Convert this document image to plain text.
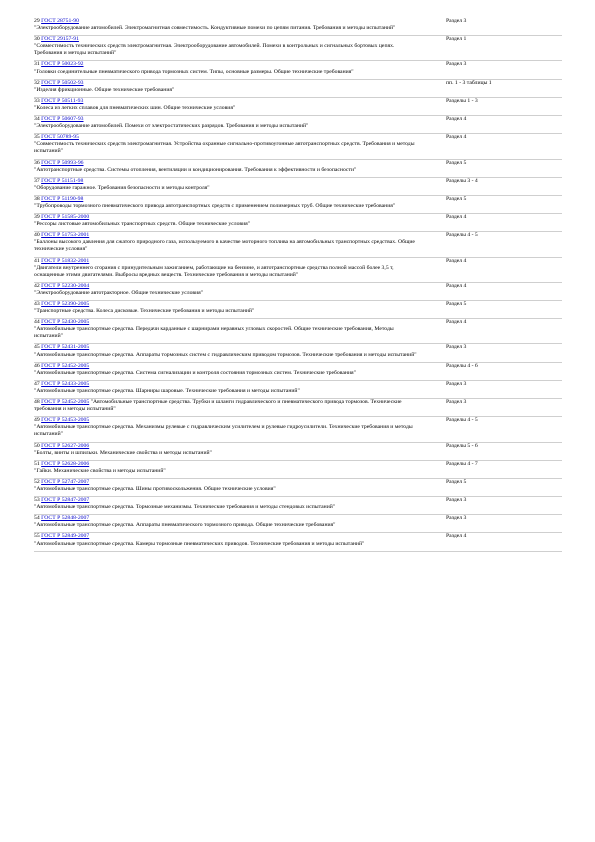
29 ГОСТ 28751-90
"Электрооборудование автомобилей. Электромагнитная совместимость. Кондуктивные помехи по цепям питания. Требования и методы испытаний"
Раздел 3
30 ГОСТ 29157-91
"Совместимость технических средств электромагнитная. Электрооборудование автомобилей. Помехи в контрольных и сигнальных бортовых цепях. Требования и методы испытаний"
Раздел 1
31 ГОСТ Р 50023-92
"Головки соединительные пневматического привода тормозных систем. Типы, основные размеры. Общие технические требования"
Раздел 3
32 ГОСТ Р 50502-93
"Изделия фрикционные. Общие технические требования"
пп. 1 - 3 таблицы 1
33 ГОСТ Р 50511-93
"Колеса из легких сплавов для пневматических шин. Общие технические условия"
Разделы 1 - 3
34 ГОСТ Р 50607-93
"Электрооборудование автомобилей. Помехи от электростатических разрядов. Требования и методы испытаний"
Раздел 4
35 ГОСТ 50789-95
"Совместимость технических средств электромагнитная. Устройства охранные сигнально-противоугонные автотранспортных средств. Требования и методы испытаний"
Раздел 4
36 ГОСТ Р 50993-96
"Автотранспортные средства. Системы отопления, вентиляции и кондиционирования. Требования к эффективности и безопасности"
Раздел 5
37 ГОСТ Р 51151-98
"Оборудование гаражное. Требования безопасности и методы контроля"
Разделы 3 - 4
38 ГОСТ Р 51190-98
"Трубопроводы тормозного пневматического привода автотранспортных средств с применением полимерных труб. Общие технические требования"
Раздел 5
39 ГОСТ Р 51585-2000
"Рессоры листовые автомобильных транспортных средств. Общие технические условия"
Раздел 4
40 ГОСТ Р 51753-2001
"Баллоны высокого давления для сжатого природного газа, используемого в качестве моторного топлива на автомобильных транспортных средствах. Общие технические условия"
Разделы 4 - 5
41 ГОСТ Р 51832-2001
"Двигатели внутреннего сгорания с принудительным зажиганием, работающие на бензине, и автотранспортные средства полной массой более 3,5 т, оснащенные этими двигателями. Выбросы вредных веществ. Технические требования и методы испытаний"
Раздел 4
42 ГОСТ Р 52230-2004
"Электрооборудование автотракторное. Общие технические условия"
Раздел 4
43 ГОСТ Р 52390-2005
"Транспортные средства. Колеса дисковые. Технические требования и методы испытаний"
Раздел 5
44 ГОСТ Р 52430-2005
"Автомобильные транспортные средства. Передачи карданные с шарнирами неравных угловых скоростей. Общие технические требования, Методы испытаний"
Раздел 4
45 ГОСТ Р 52431-2005
"Автомобильные транспортные средства. Аппараты тормозных систем с гидравлическим приводом тормозов. Технические требования и методы испытаний"
Раздел 3
46 ГОСТ Р 52452-2005
"Автомобильные транспортные средства. Система сигнализации и контроля состояния тормозных систем. Технические требования"
Разделы 4 - 6
47 ГОСТ Р 52433-2005
"Автомобильные транспортные средства. Шарниры шаровые. Технические требования и методы испытаний"
Раздел 3
48 ГОСТ Р 52452-2005 "Автомобильные транспортные средства. Трубки и шланги гидравлического и пневматического привода тормозов. Технические требования и методы испытаний"
Раздел 3
49 ГОСТ Р 52453-2005
"Автомобильные транспортные средства. Механизмы рулевые с гидравлическим усилителем и рулевые гидроусилители. Технические требования и методы испытаний"
Разделы 4 - 5
50 ГОСТ Р 52627-2006
"Болты, винты и шпильки. Механические свойства и методы испытаний"
Разделы 5 - 6
51 ГОСТ Р 52628-2006
"Гайки. Механические свойства и методы испытаний"
Разделы 4 - 7
52 ГОСТ Р 52747-2007
"Автомобильные транспортные средства. Шины противоскольжения. Общие технические условия"
Раздел 5
53 ГОСТ Р 52847-2007
"Автомобильные транспортные средства. Тормозные механизмы. Технические требования и методы стендовых испытаний"
Раздел 3
54 ГОСТ Р 52848-2007
"Автомобильные транспортные средства. Аппараты пневматического тормозного привода. Общие технические требования"
Раздел 3
55 ГОСТ Р 52849-2007
"Автомобильные транспортные средства. Камеры тормозные пневматических приводов. Технические требования и методы испытаний"
Раздел 4
